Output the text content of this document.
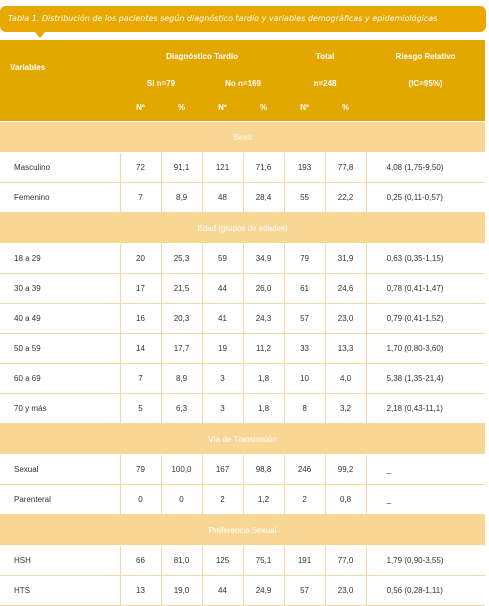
Tabla 1. Distribución de los pacientes según diagnóstico tardío y variables demográficas y epidemiológicas
Variables	Diagnóstico Tardío				Total		Riesgo Relativo
	Si n=79		No n=169		n=248		(IC=95%)
	Nº	%	Nº	%	Nº	%	
Sexo							
Masculino	72	91,1	121	71,6	193	77,8	4,08 (1,75-9,50)
Femenino	7	8,9	48	28,4	55	22,2	0,25 (0,11-0,57)
Edad (grupos de edades)							
18 a 29	20	25,3	59	34,9	79	31,9	0,63 (0,35-1,15)
30 a 39	17	21,5	44	26,0	61	24,6	0,78 (0,41-1,47)
40 a 49	16	20,3	41	24,3	57	23,0	0,79 (0,41-1,52)
50 a 59	14	17,7	19	11,2	33	13,3	1,70 (0,80-3,60)
60 a 69	7	8,9	3	1,8	10	4,0	5,38 (1,35-21,4)
70 y más	5	6,3	3	1,8	8	3,2	2,18 (0,43-11,1)
Vía de Transmisión							
Sexual	79	100,0	167	98,8	246	99,2	_
Parenteral	0	0	2	1,2	2	0,8	_
Preferencia Sexual							
HSH	66	81,0	125	75,1	191	77,0	1,79 (0,90-3,55)
HTS	13	19,0	44	24,9	57	23,0	0,56 (0,28-1,11)
